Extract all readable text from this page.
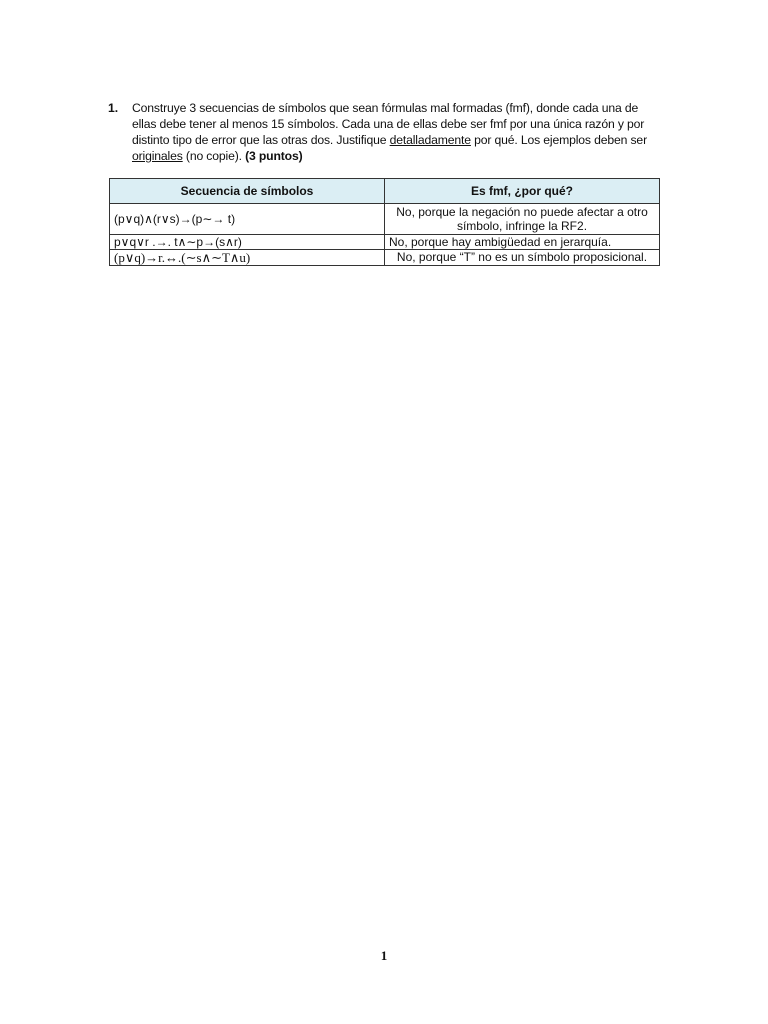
1. Construye 3 secuencias de símbolos que sean fórmulas mal formadas (fmf), donde cada una de ellas debe tener al menos 15 símbolos. Cada una de ellas debe ser fmf por una única razón y por distinto tipo de error que las otras dos. Justifique detalladamente por qué. Los ejemplos deben ser originales (no copie). (3 puntos)
Secuencia de símbolos	Es fmf, ¿por qué?
(p∨q)∧(r∨s)→(p∼→ t)	No, porque la negación no puede afectar a otro símbolo, infringe la RF2.
p∨q∨r .→. t∧∼p→(s∧r)	No, porque hay ambigüedad en jerarquía.
(p∨q)→r.↔.(∼s∧∼T∧u)	No, porque “T” no es un símbolo proposicional.
1
